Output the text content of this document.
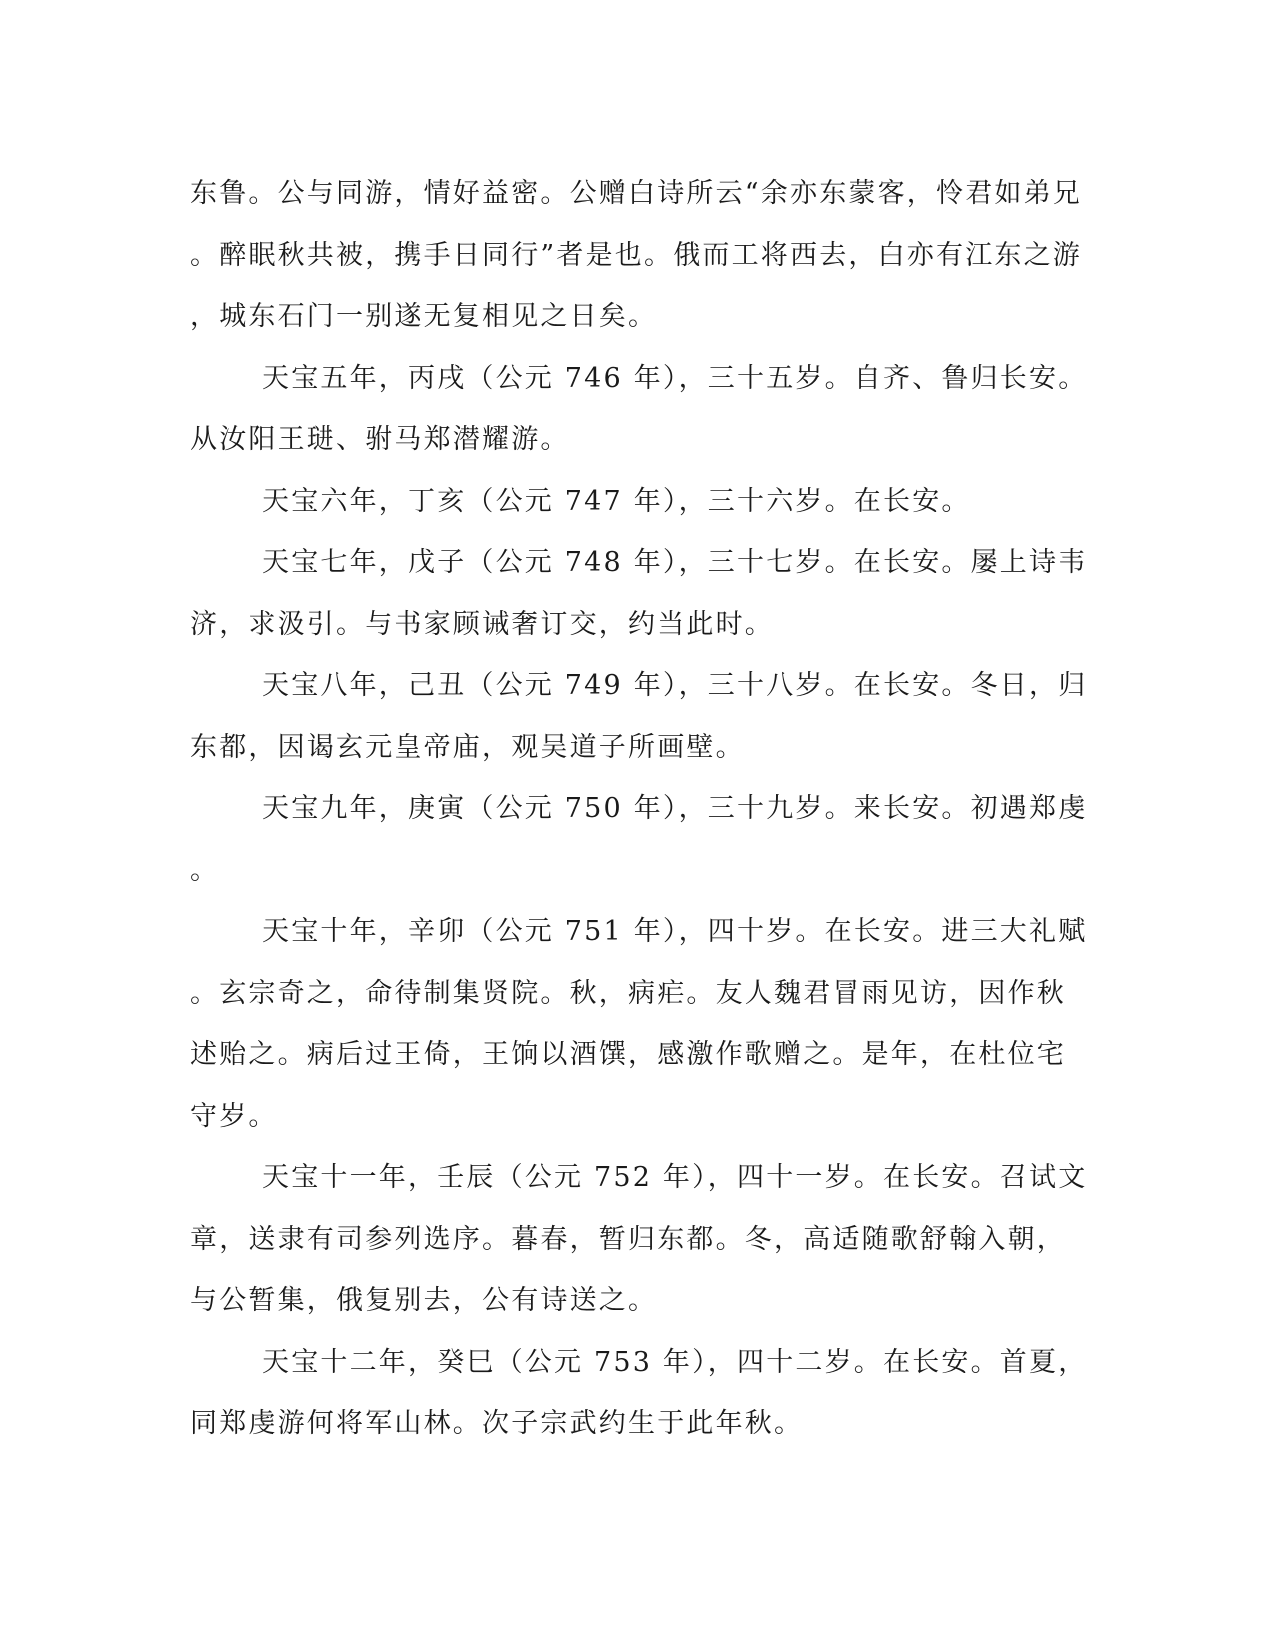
东鲁。公与同游，情好益密。公赠白诗所云“余亦东蒙客，怜君如弟兄
。醉眠秋共被，携手日同行”者是也。俄而工将西去，白亦有江东之游
，城东石门一别遂无复相见之日矣。
天宝五年，丙戌（公元 746 年），三十五岁。自齐、鲁归长安。
从汝阳王琎、驸马郑潜耀游。
天宝六年，丁亥（公元 747 年），三十六岁。在长安。
天宝七年，戊子（公元 748 年），三十七岁。在长安。屡上诗韦
济，求汲引。与书家顾诫奢订交，约当此时。
天宝八年，己丑（公元 749 年），三十八岁。在长安。冬日，归
东都，因谒玄元皇帝庙，观吴道子所画壁。
天宝九年，庚寅（公元 750 年），三十九岁。来长安。初遇郑虔
。
天宝十年，辛卯（公元 751 年），四十岁。在长安。进三大礼赋
。玄宗奇之，命待制集贤院。秋，病疟。友人魏君冒雨见访，因作秋
述贻之。病后过王倚，王饷以酒馔，感激作歌赠之。是年，在杜位宅
守岁。
天宝十一年，壬辰（公元 752 年），四十一岁。在长安。召试文
章，送隶有司参列选序。暮春，暂归东都。冬，高适随歌舒翰入朝，
与公暂集，俄复别去，公有诗送之。
天宝十二年，癸巳（公元 753 年），四十二岁。在长安。首夏，
同郑虔游何将军山林。次子宗武约生于此年秋。
